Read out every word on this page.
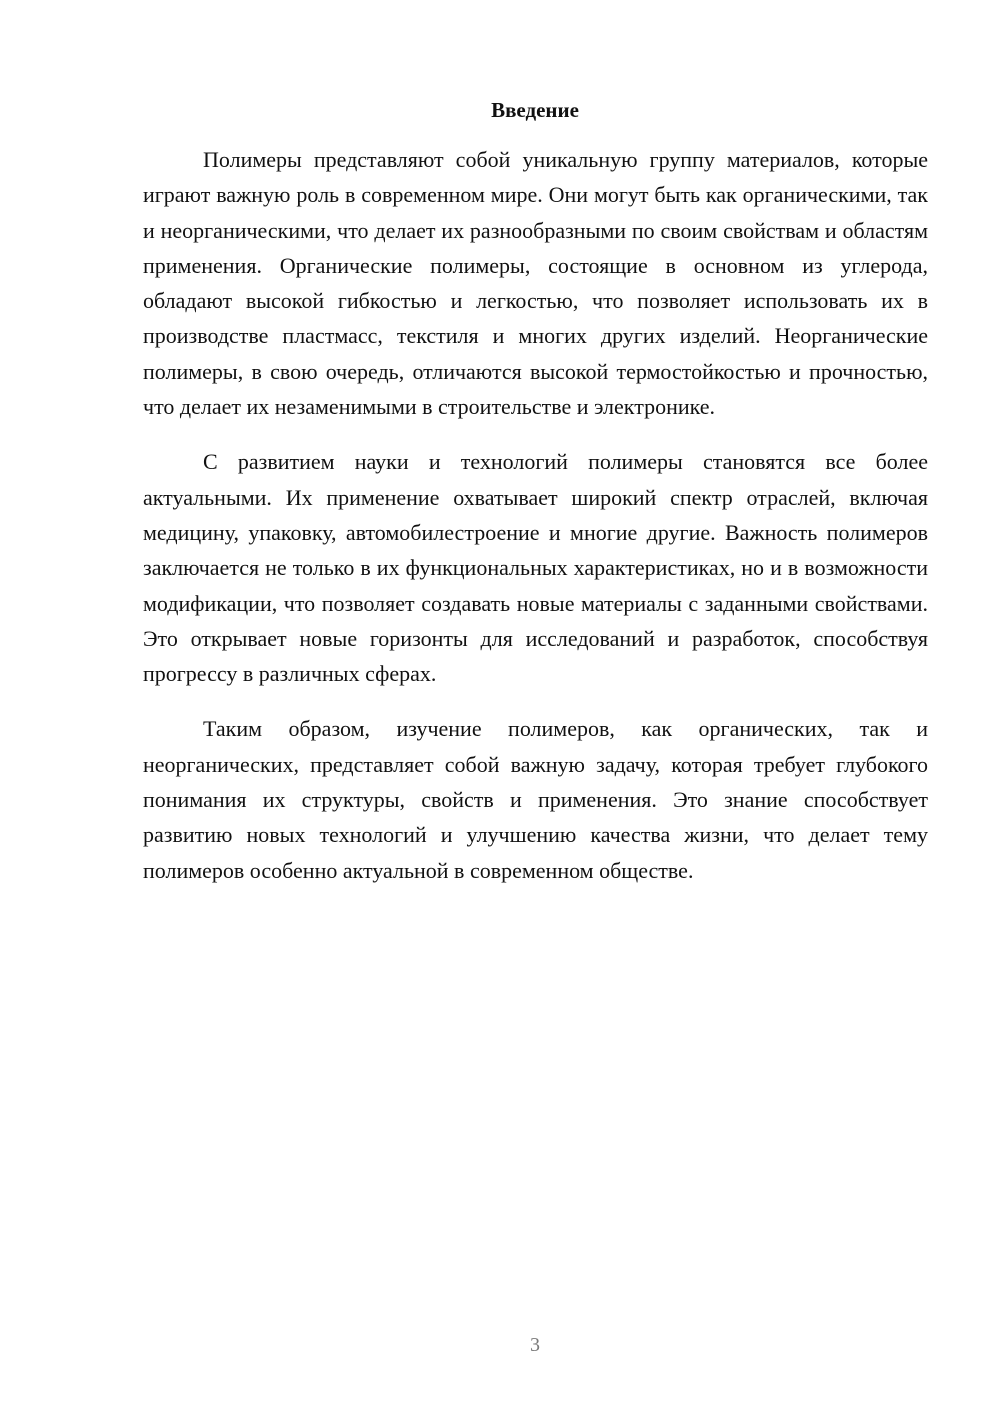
Введение

Полимеры представляют собой уникальную группу материалов, которые играют важную роль в современном мире. Они могут быть как органическими, так и неорганическими, что делает их разнообразными по своим свойствам и областям применения. Органические полимеры, состоящие в основном из углерода, обладают высокой гибкостью и легкостью, что позволяет использовать их в производстве пластмасс, текстиля и многих других изделий. Неорганические полимеры, в свою очередь, отличаются высокой термостойкостью и прочностью, что делает их незаменимыми в строительстве и электронике.

С развитием науки и технологий полимеры становятся все более актуальными. Их применение охватывает широкий спектр отраслей, включая медицину, упаковку, автомобилестроение и многие другие. Важность полимеров заключается не только в их функциональных характеристиках, но и в возможности модификации, что позволяет создавать новые материалы с заданными свойствами. Это открывает новые горизонты для исследований и разработок, способствуя прогрессу в различных сферах.

Таким образом, изучение полимеров, как органических, так и неорганических, представляет собой важную задачу, которая требует глубокого понимания их структуры, свойств и применения. Это знание способствует развитию новых технологий и улучшению качества жизни, что делает тему полимеров особенно актуальной в современном обществе.

3
